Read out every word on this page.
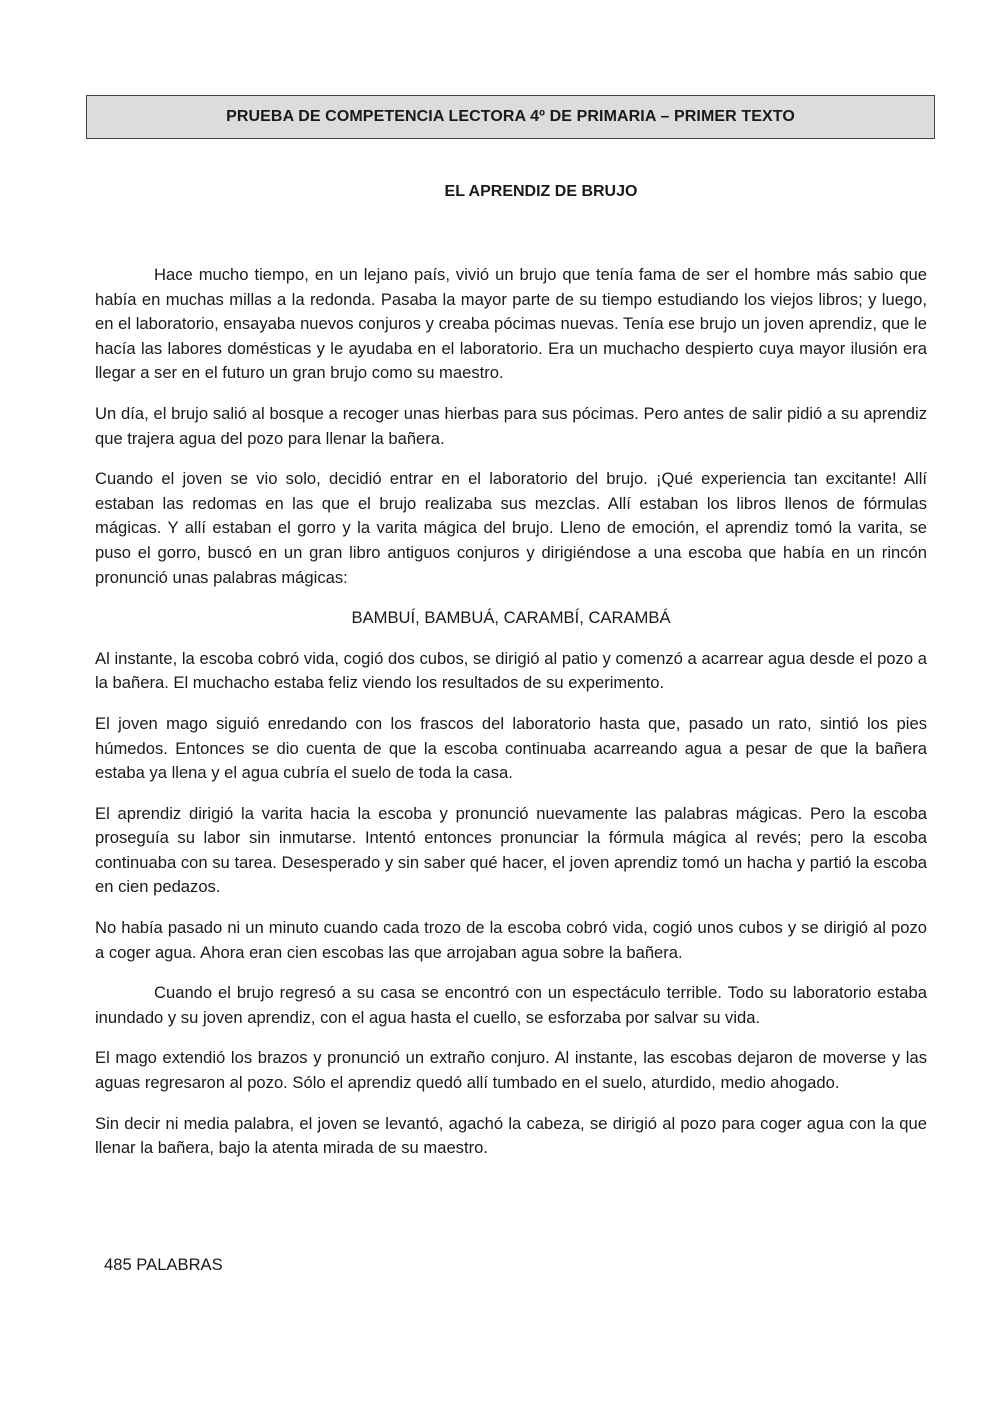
PRUEBA DE COMPETENCIA LECTORA 4º DE PRIMARIA – PRIMER TEXTO
EL APRENDIZ DE BRUJO

Hace mucho tiempo, en un lejano país, vivió un brujo que tenía fama de ser el hombre más sabio que había en muchas millas a la redonda. Pasaba la mayor parte de su tiempo estudiando los viejos libros; y luego, en el laboratorio, ensayaba nuevos conjuros y creaba pócimas nuevas. Tenía ese brujo un joven aprendiz, que le hacía las labores domésticas y le ayudaba en el laboratorio. Era un muchacho despierto cuya mayor ilusión era llegar a ser en el futuro un gran brujo como su maestro.

Un día, el brujo salió al bosque a recoger unas hierbas para sus pócimas. Pero antes de salir pidió a su aprendiz que trajera agua del pozo para llenar la bañera.

Cuando el joven se vio solo, decidió entrar en el laboratorio del brujo. ¡Qué experiencia tan excitante! Allí estaban las redomas en las que el brujo realizaba sus mezclas. Allí estaban los libros llenos de fórmulas mágicas. Y allí estaban el gorro y la varita mágica del brujo. Lleno de emoción, el aprendiz tomó la varita, se puso el gorro, buscó en un gran libro antiguos conjuros y dirigiéndose a una escoba que había en un rincón pronunció unas palabras mágicas:

BAMBUÍ, BAMBUÁ, CARAMBÍ, CARAMBÁ

Al instante, la escoba cobró vida, cogió dos cubos, se dirigió al patio y comenzó a acarrear agua desde el pozo a la bañera. El muchacho estaba feliz viendo los resultados de su experimento.

El joven mago siguió enredando con los frascos del laboratorio hasta que, pasado un rato, sintió los pies húmedos. Entonces se dio cuenta de que la escoba continuaba acarreando agua a pesar de que la bañera estaba ya llena y el agua cubría el suelo de toda la casa.

El aprendiz dirigió la varita hacia la escoba y pronunció nuevamente las palabras mágicas. Pero la escoba proseguía su labor sin inmutarse. Intentó entonces pronunciar la fórmula mágica al revés; pero la escoba continuaba con su tarea. Desesperado y sin saber qué hacer, el joven aprendiz tomó un hacha y partió la escoba en cien pedazos.

No había pasado ni un minuto cuando cada trozo de la escoba cobró vida, cogió unos cubos y se dirigió al pozo a coger agua. Ahora eran cien escobas las que arrojaban agua sobre la bañera.

Cuando el brujo regresó a su casa se encontró con un espectáculo terrible. Todo su laboratorio estaba inundado y su joven aprendiz, con el agua hasta el cuello, se esforzaba por salvar su vida.

El mago extendió los brazos y pronunció un extraño conjuro. Al instante, las escobas dejaron de moverse y las aguas regresaron al pozo. Sólo el aprendiz quedó allí tumbado en el suelo, aturdido, medio ahogado.

Sin decir ni media palabra, el joven se levantó, agachó la cabeza, se dirigió al pozo para coger agua con la que llenar la bañera, bajo la atenta mirada de su maestro.

485 PALABRAS
